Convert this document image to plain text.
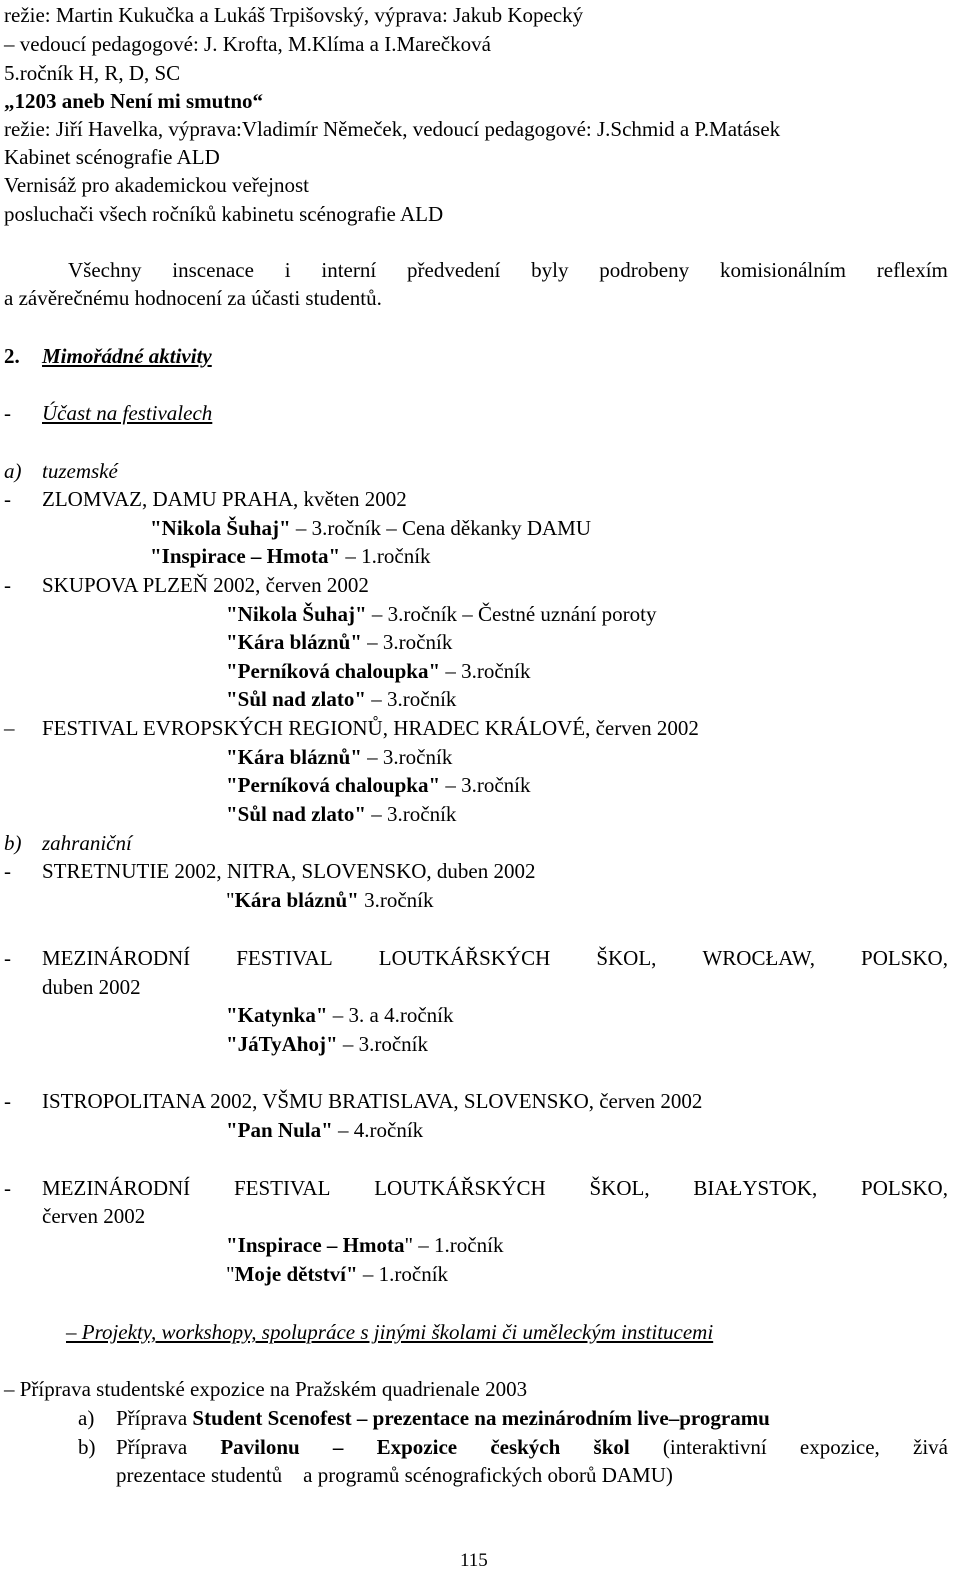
režie: Martin Kukučka a Lukáš Trpišovský, výprava: Jakub Kopecký
– vedoucí pedagogové: J. Krofta, M.Klíma a I.Marečková
5.ročník H, R, D, SC
„1203 aneb Není mi smutno“
režie: Jiří Havelka, výprava:Vladimír Němeček, vedoucí pedagogové: J.Schmid a P.Matásek
Kabinet scénografie ALD
Vernisáž pro akademickou veřejnost
posluchači všech ročníků kabinetu scénografie ALD
Všechny inscenace i interní předvedení byly podrobeny komisionálním reflexím
a závěrečnému hodnocení za účasti studentů.
2. Mimořádné aktivity
- Účast na festivalech
a) tuzemské
- ZLOMVAZ, DAMU PRAHA, květen 2002
"Nikola Šuhaj" – 3.ročník – Cena děkanky DAMU
"Inspirace – Hmota" – 1.ročník
- SKUPOVA PLZEŇ 2002, červen 2002
"Nikola Šuhaj" – 3.ročník – Čestné uznání poroty
"Kára bláznů" – 3.ročník
"Perníková chaloupka" – 3.ročník
"Sůl nad zlato" – 3.ročník
– FESTIVAL EVROPSKÝCH REGIONŮ, HRADEC KRÁLOVÉ, červen 2002
"Kára bláznů" – 3.ročník
"Perníková chaloupka" – 3.ročník
"Sůl nad zlato" – 3.ročník
b) zahraniční
- STRETNUTIE 2002, NITRA, SLOVENSKO, duben 2002
"Kára bláznů" 3.ročník
- MEZINÁRODNÍ FESTIVAL LOUTKÁŘSKÝCH ŠKOL, WROCŁAW, POLSKO,
duben 2002
"Katynka" – 3. a 4.ročník
"JáTyAhoj" – 3.ročník
- ISTROPOLITANA 2002, VŠMU BRATISLAVA, SLOVENSKO, červen 2002
"Pan Nula" – 4.ročník
- MEZINÁRODNÍ FESTIVAL LOUTKÁŘSKÝCH ŠKOL, BIAŁYSTOK, POLSKO,
červen 2002
"Inspirace – Hmota" – 1.ročník
"Moje dětství" – 1.ročník
– Projekty, workshopy, spolupráce s jinými školami či uměleckým institucemi
– Příprava studentské expozice na Pražském quadrienale 2003
a) Příprava Student Scenofest – prezentace na mezinárodním live–programu
b) Příprava Pavilonu – Expozice českých škol (interaktivní expozice, živá
prezentace studentů    a programů scénografických oborů DAMU)
115
